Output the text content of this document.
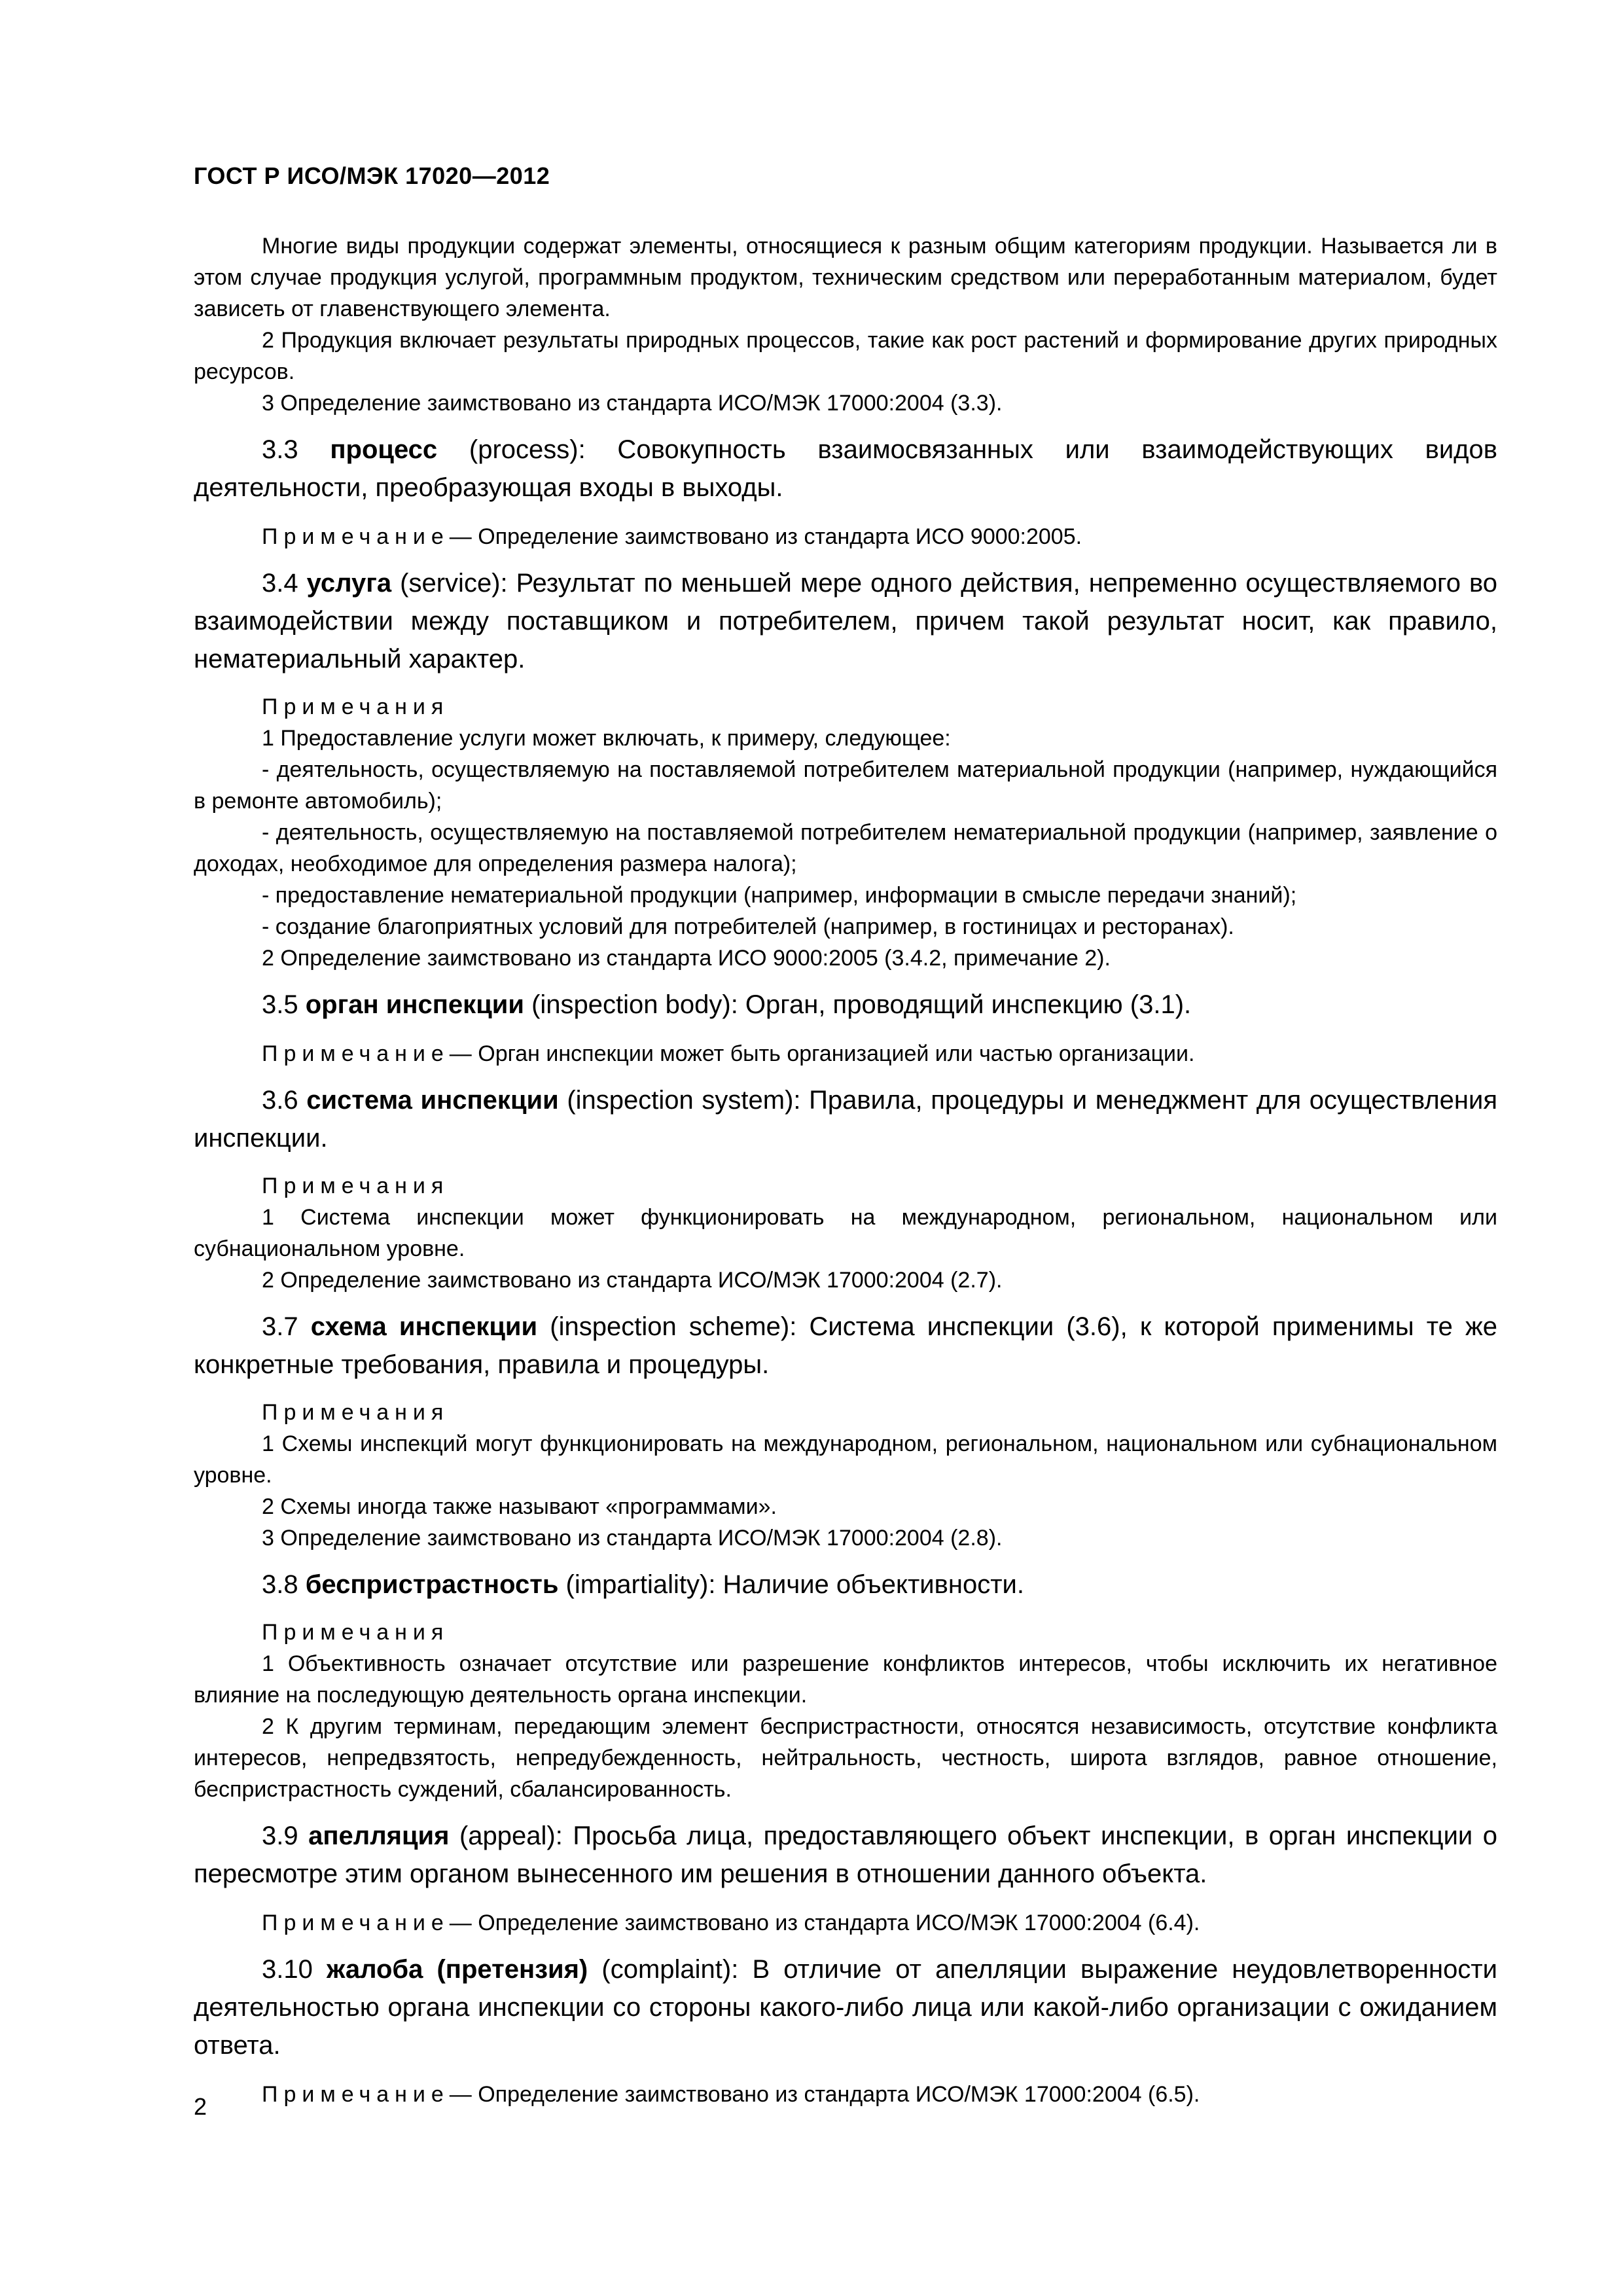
ГОСТ Р ИСО/МЭК 17020—2012

Многие виды продукции содержат элементы, относящиеся к разным общим категориям продукции. Называется ли в этом случае продукция услугой, программным продуктом, техническим средством или переработанным материалом, будет зависеть от главенствующего элемента.

2 Продукция включает результаты природных процессов, такие как рост растений и формирование других природных ресурсов.

3 Определение заимствовано из стандарта ИСО/МЭК 17000:2004 (3.3).

3.3 процесс (process): Совокупность взаимосвязанных или взаимодействующих видов деятельности, преобразующая входы в выходы.

Примечание— Определение заимствовано из стандарта ИСО 9000:2005.

3.4 услуга (service): Результат по меньшей мере одного действия, непременно осуществляемого во взаимодействии между поставщиком и потребителем, причем такой результат носит, как правило, нематериальный характер.

Примечания

1 Предоставление услуги может включать, к примеру, следующее:

- деятельность, осуществляемую на поставляемой потребителем материальной продукции (например, нуждающийся в ремонте автомобиль);

- деятельность, осуществляемую на поставляемой потребителем нематериальной продукции (например, заявление о доходах, необходимое для определения размера налога);

- предоставление нематериальной продукции (например, информации в смысле передачи знаний);

- создание благоприятных условий для потребителей (например, в гостиницах и ресторанах).

2 Определение заимствовано из стандарта ИСО 9000:2005 (3.4.2, примечание 2).

3.5 орган инспекции (inspection body): Орган, проводящий инспекцию (3.1).

Примечание— Орган инспекции может быть организацией или частью организации.

3.6 система инспекции (inspection system): Правила, процедуры и менеджмент для осуществления инспекции.

Примечания

1 Система инспекции может функционировать на международном, региональном, национальном или субнациональном уровне.

2 Определение заимствовано из стандарта ИСО/МЭК 17000:2004 (2.7).

3.7 схема инспекции (inspection scheme): Система инспекции (3.6), к которой применимы те же конкретные требования, правила и процедуры.

Примечания

1 Схемы инспекций могут функционировать на международном, региональном, национальном или субнациональном уровне.

2 Схемы иногда также называют «программами».

3 Определение заимствовано из стандарта ИСО/МЭК 17000:2004 (2.8).

3.8 беспристрастность (impartiality): Наличие объективности.

Примечания

1 Объективность означает отсутствие или разрешение конфликтов интересов, чтобы исключить их негативное влияние на последующую деятельность органа инспекции.

2 К другим терминам, передающим элемент беспристрастности, относятся независимость, отсутствие конфликта интересов, непредвзятость, непредубежденность, нейтральность, честность, широта взглядов, равное отношение, беспристрастность суждений, сбалансированность.

3.9 апелляция (appeal): Просьба лица, предоставляющего объект инспекции, в орган инспекции о пересмотре этим органом вынесенного им решения в отношении данного объекта.

Примечание— Определение заимствовано из стандарта ИСО/МЭК 17000:2004 (6.4).

3.10 жалоба (претензия) (complaint): В отличие от апелляции выражение неудовлетворенности деятельностью органа инспекции со стороны какого-либо лица или какой-либо организации с ожиданием ответа.

Примечание— Определение заимствовано из стандарта ИСО/МЭК 17000:2004 (6.5).

2
